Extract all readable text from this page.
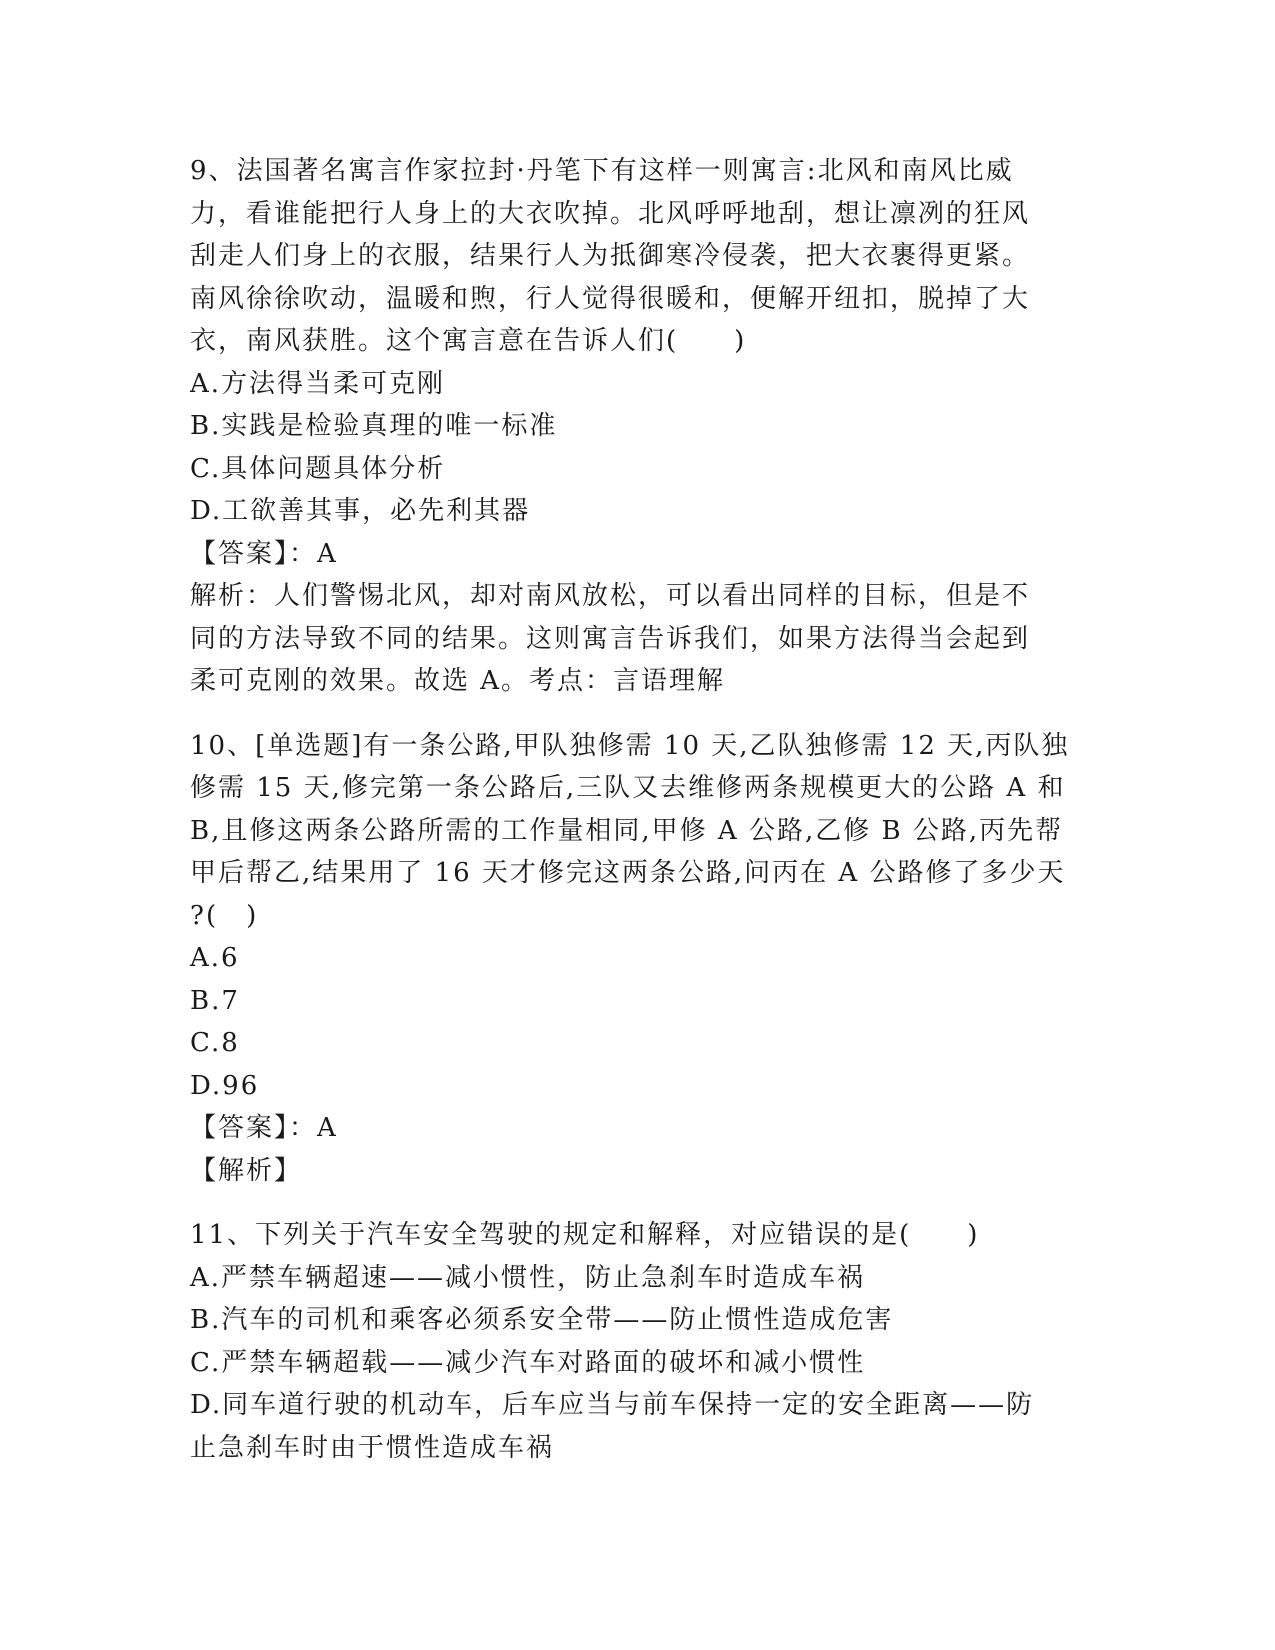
9、法国著名寓言作家拉封·丹笔下有这样一则寓言:北风和南风比威
力，看谁能把行人身上的大衣吹掉。北风呼呼地刮，想让凛冽的狂风
刮走人们身上的衣服，结果行人为抵御寒冷侵袭，把大衣裹得更紧。
南风徐徐吹动，温暖和煦，行人觉得很暖和，便解开纽扣，脱掉了大
衣，南风获胜。这个寓言意在告诉人们(　　)
A.方法得当柔可克刚
B.实践是检验真理的唯一标准
C.具体问题具体分析
D.工欲善其事，必先利其器
【答案】：A
解析：人们警惕北风，却对南风放松，可以看出同样的目标，但是不
同的方法导致不同的结果。这则寓言告诉我们，如果方法得当会起到
柔可克刚的效果。故选 A。考点：言语理解
10、[单选题]有一条公路,甲队独修需 10 天,乙队独修需 12 天,丙队独
修需 15 天,修完第一条公路后,三队又去维修两条规模更大的公路 A 和
B,且修这两条公路所需的工作量相同,甲修 A 公路,乙修 B 公路,丙先帮
甲后帮乙,结果用了 16 天才修完这两条公路,问丙在 A 公路修了多少天
?(　)
A.6
B.7
C.8
D.96
【答案】：A
【解析】
11、下列关于汽车安全驾驶的规定和解释，对应错误的是(　　)
A.严禁车辆超速——减小惯性，防止急刹车时造成车祸
B.汽车的司机和乘客必须系安全带——防止惯性造成危害
C.严禁车辆超载——减少汽车对路面的破坏和减小惯性
D.同车道行驶的机动车，后车应当与前车保持一定的安全距离——防
止急刹车时由于惯性造成车祸
